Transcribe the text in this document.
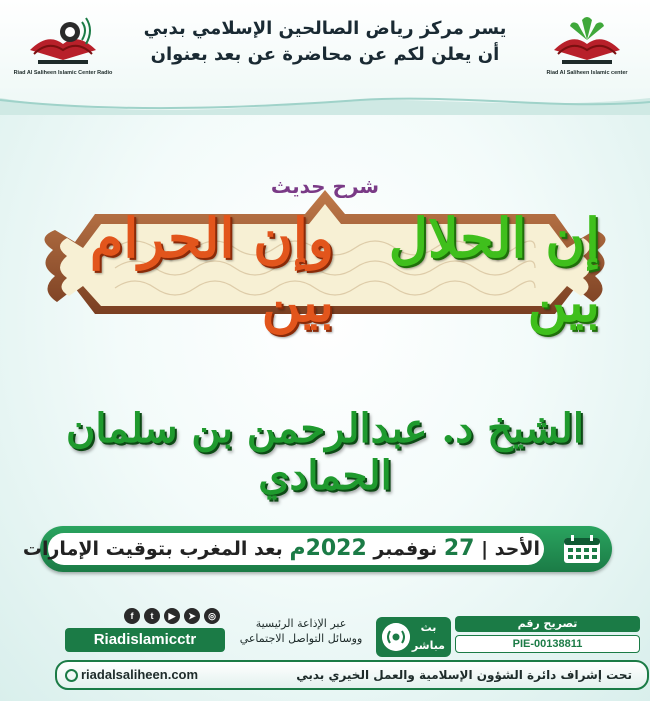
Riad Al Saliheen Islamic Center Radio	Riad Al Saliheen Islamic center
يسر مركز رياض الصالحين الإسلامي بدبي
أن يعلن لكم عن محاضرة عن بعد بعنوان
شرح حديث
إن الحلال بين

وإن الحرام بين
الشيخ د. عبدالرحمن بن سلمان الحمادي
الأحد | 27 نوفمبر 2022م بعد المغرب بتوقيت الإمارات
f	t	▶	➤	◎
Riadislamicctr
عبر الإذاعة الرئيسية
ووسائل التواصل الاجتماعي
بث
مباشر
تصريح رقم
PIE-00138811
riadalsaliheen.com	تحت إشراف دائرة الشؤون الإسلامية والعمل الخيري بدبي
